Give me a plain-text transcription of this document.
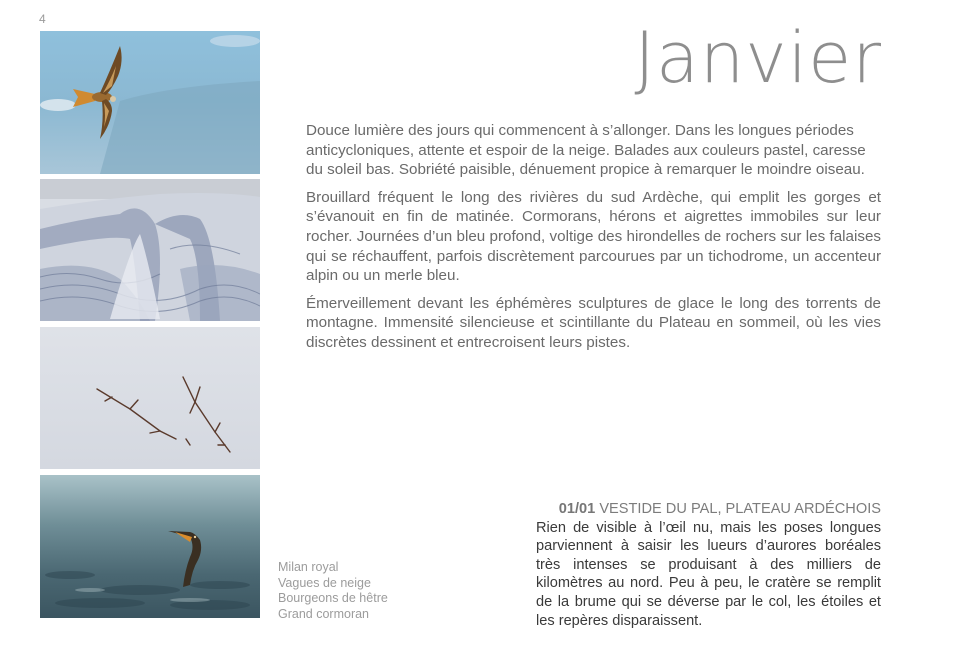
4	Janvier

Douce lumière des jours qui commencent à s’allonger. Dans les longues périodes anticycloniques, attente et espoir de la neige. Balades aux couleurs pastel, caresse du soleil bas. Sobriété paisible, dénuement propice à remarquer le moindre oiseau.

Brouillard fréquent le long des rivières du sud Ardèche, qui emplit les gorges et s’évanouit en fin de matinée. Cormorans, hérons et aigrettes immobiles sur leur rocher. Journées d’un bleu profond, voltige des hirondelles de rochers sur les falaises qui se réchauffent, parfois discrètement parcourues par un tichodrome, un accenteur alpin ou un merle bleu.

Émerveillement devant les éphémères sculptures de glace le long des torrents de montagne. Immensité silencieuse et scintillante du Plateau en sommeil, où les vies discrètes dessinent et entrecroisent leurs pistes.

Milan royal
Vagues de neige
Bourgeons de hêtre
Grand cormoran
01/01 VESTIDE DU PAL, PLATEAU ARDÉCHOIS
Rien de visible à l’œil nu, mais les poses longues parviennent à saisir les lueurs d’aurores boréales très intenses se produisant à des milliers de kilomètres au nord. Peu à peu, le cratère se remplit de la brume qui se déverse par le col, les étoiles et les repères disparaissent.
